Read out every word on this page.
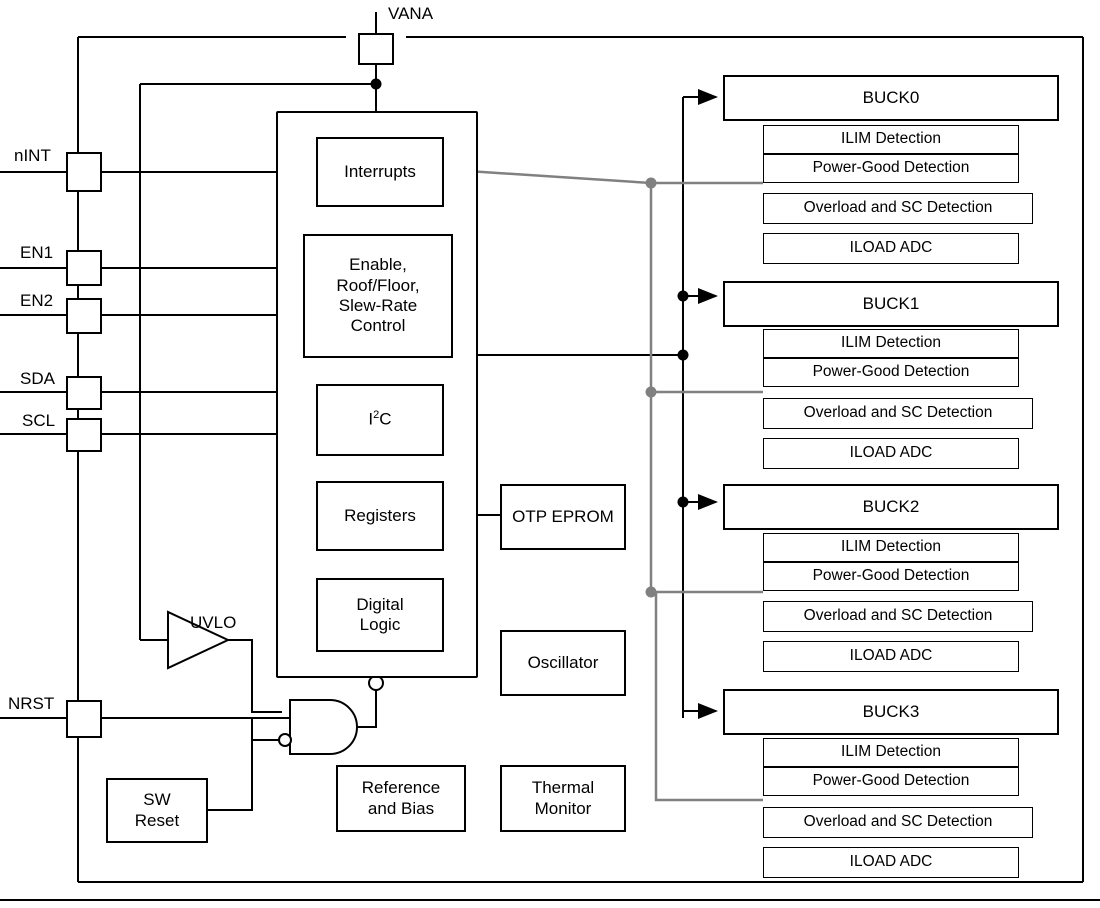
VANA
nINT
EN1
EN2
SDA
SCL
NRST
Interrupts
Enable,
Roof/Floor,
Slew-Rate
Control
$I^2C$
Registers
Digital
Logic
OTP EPROM
Oscillator
Reference
and Bias
Thermal
Monitor
SW
Reset
UVLO
BUCK0
ILIM Detection
Power-Good Detection
Overload and SC Detection
ILOAD ADC
BUCK1
ILIM Detection
Power-Good Detection
Overload and SC Detection
ILOAD ADC
BUCK2
ILIM Detection
Power-Good Detection
Overload and SC Detection
ILOAD ADC
BUCK3
ILIM Detection
Power-Good Detection
Overload and SC Detection
ILOAD ADC
